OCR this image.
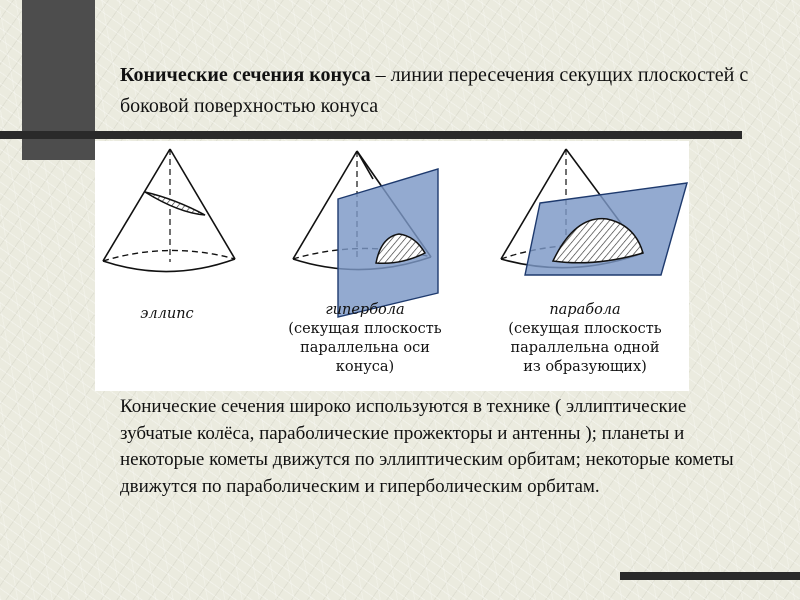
Конические сечения конуса – линии пересечения секущих плоскостей с боковой поверхностью конуса
эллипс	гипербола
(секущая плоскость
параллельна оси
конуса)
парабола
(секущая плоскость
параллельна одной
из образующих)
Конические сечения широко используются в технике ( эллиптические зубчатые колёса, параболические прожекторы и антенны ); планеты и некоторые кометы движутся по эллиптическим орбитам; некоторые кометы движутся по параболическим и гиперболическим орбитам.
